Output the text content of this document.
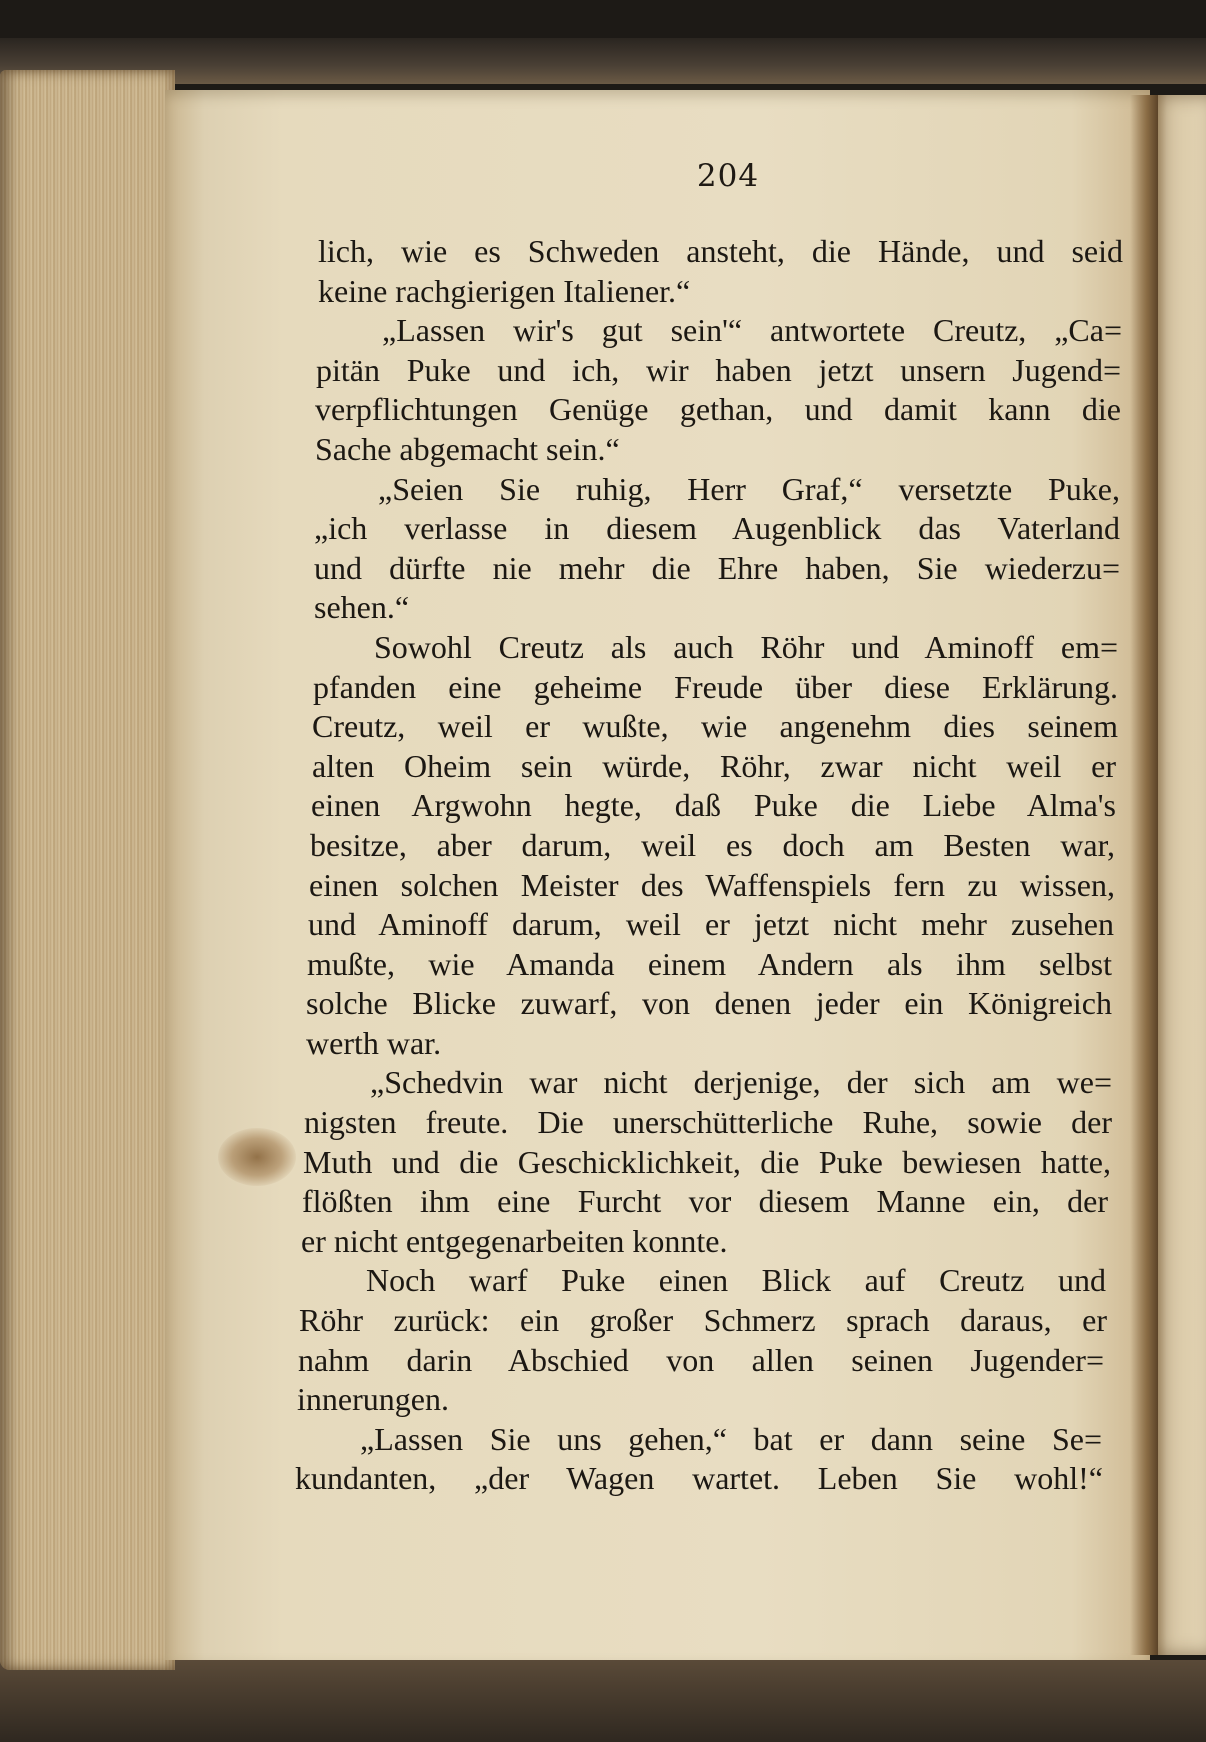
204
lich, wie es Schweden ansteht, die Hände, und seid
keine rachgierigen Italiener.“
„Lassen wir's gut sein'“ antwortete Creutz, „Ca=
pitän Puke und ich, wir haben jetzt unsern Jugend=
verpflichtungen Genüge gethan, und damit kann die
Sache abgemacht sein.“
„Seien Sie ruhig, Herr Graf,“ versetzte Puke,
„ich verlasse in diesem Augenblick das Vaterland
und dürfte nie mehr die Ehre haben, Sie wiederzu=
sehen.“
Sowohl Creutz als auch Röhr und Aminoff em=
pfanden eine geheime Freude über diese Erklärung.
Creutz, weil er wußte, wie angenehm dies seinem
alten Oheim sein würde, Röhr, zwar nicht weil er
einen Argwohn hegte, daß Puke die Liebe Alma's
besitze, aber darum, weil es doch am Besten war,
einen solchen Meister des Waffenspiels fern zu wissen,
und Aminoff darum, weil er jetzt nicht mehr zusehen
mußte, wie Amanda einem Andern als ihm selbst
solche Blicke zuwarf, von denen jeder ein Königreich
werth war.
„Schedvin war nicht derjenige, der sich am we=
nigsten freute. Die unerschütterliche Ruhe, sowie der
Muth und die Geschicklichkeit, die Puke bewiesen hatte,
flößten ihm eine Furcht vor diesem Manne ein, der
er nicht entgegenarbeiten konnte.
Noch warf Puke einen Blick auf Creutz und
Röhr zurück: ein großer Schmerz sprach daraus, er
nahm darin Abschied von allen seinen Jugender=
innerungen.
„Lassen Sie uns gehen,“ bat er dann seine Se=
kundanten, „der Wagen wartet. Leben Sie wohl!“
